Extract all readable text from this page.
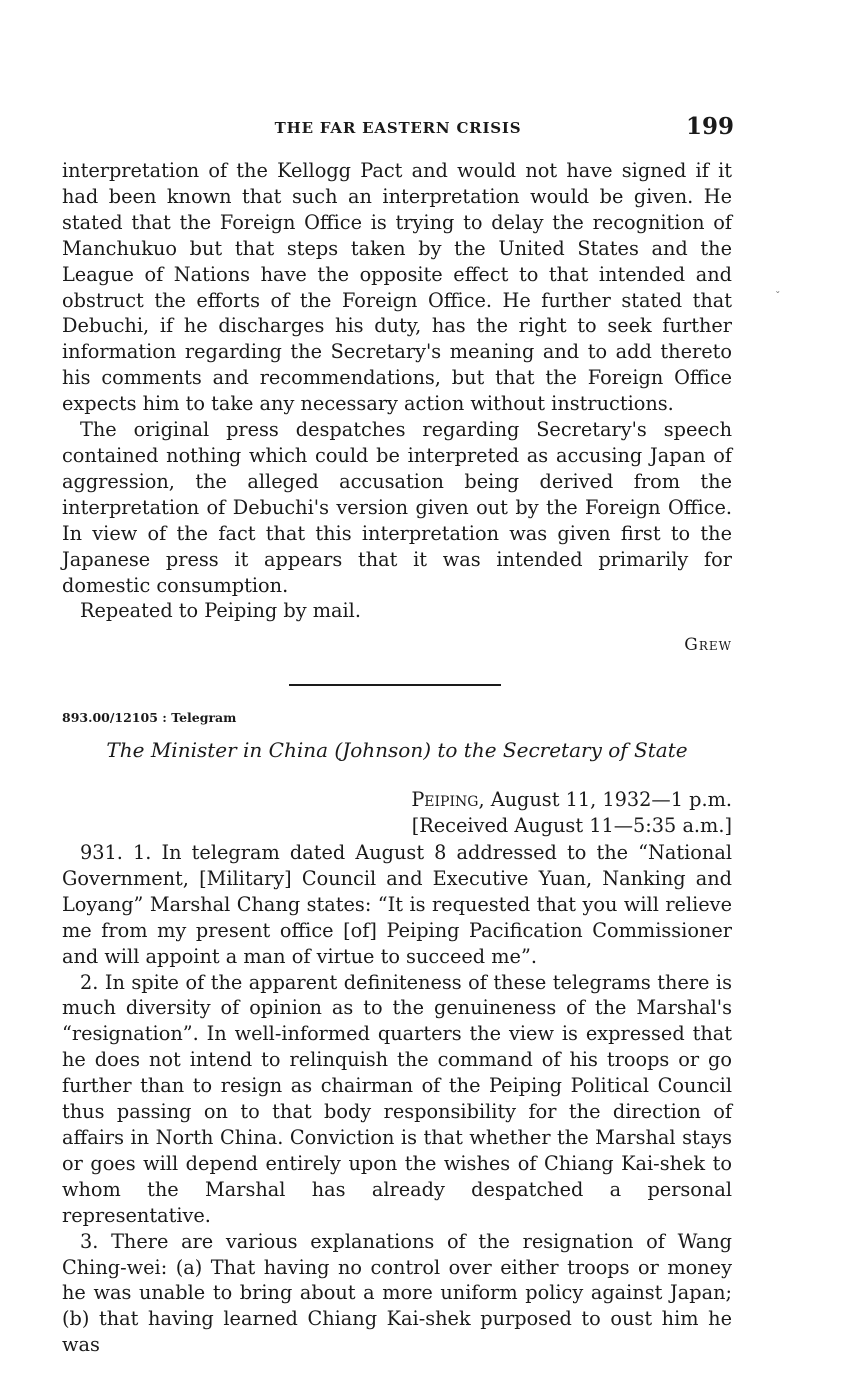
THE FAR EASTERN CRISIS	199

interpretation of the Kellogg Pact and would not have signed if it had been known that such an interpretation would be given. He stated that the Foreign Office is trying to delay the recognition of Manchukuo but that steps taken by the United States and the League of Nations have the opposite effect to that intended and obstruct the efforts of the Foreign Office. He further stated that Debuchi, if he discharges his duty, has the right to seek further information regarding the Secretary's meaning and to add thereto his comments and recommendations, but that the Foreign Office expects him to take any necessary action without instructions.

The original press despatches regarding Secretary's speech contained nothing which could be interpreted as accusing Japan of aggression, the alleged accusation being derived from the interpretation of Debuchi's version given out by the Foreign Office. In view of the fact that this interpretation was given first to the Japanese press it appears that it was intended primarily for domestic consumption.

Repeated to Peiping by mail.

Grew
893.00/12105 : Telegram
The Minister in China (Johnson) to the Secretary of State
Peiping, August 11, 1932—1 p.m.
[Received August 11—5:35 a.m.]

931. 1. In telegram dated August 8 addressed to the “National Government, [Military] Council and Executive Yuan, Nanking and Loyang” Marshal Chang states: “It is requested that you will relieve me from my present office [of] Peiping Pacification Commissioner and will appoint a man of virtue to succeed me”.

2. In spite of the apparent definiteness of these telegrams there is much diversity of opinion as to the genuineness of the Marshal's “resignation”. In well-informed quarters the view is expressed that he does not intend to relinquish the command of his troops or go further than to resign as chairman of the Peiping Political Council thus passing on to that body responsibility for the direction of affairs in North China. Conviction is that whether the Marshal stays or goes will depend entirely upon the wishes of Chiang Kai-shek to whom the Marshal has already despatched a personal representative.

3. There are various explanations of the resignation of Wang Ching-wei: (a) That having no control over either troops or money he was unable to bring about a more uniform policy against Japan; (b) that having learned Chiang Kai-shek purposed to oust him he was

ˇ
